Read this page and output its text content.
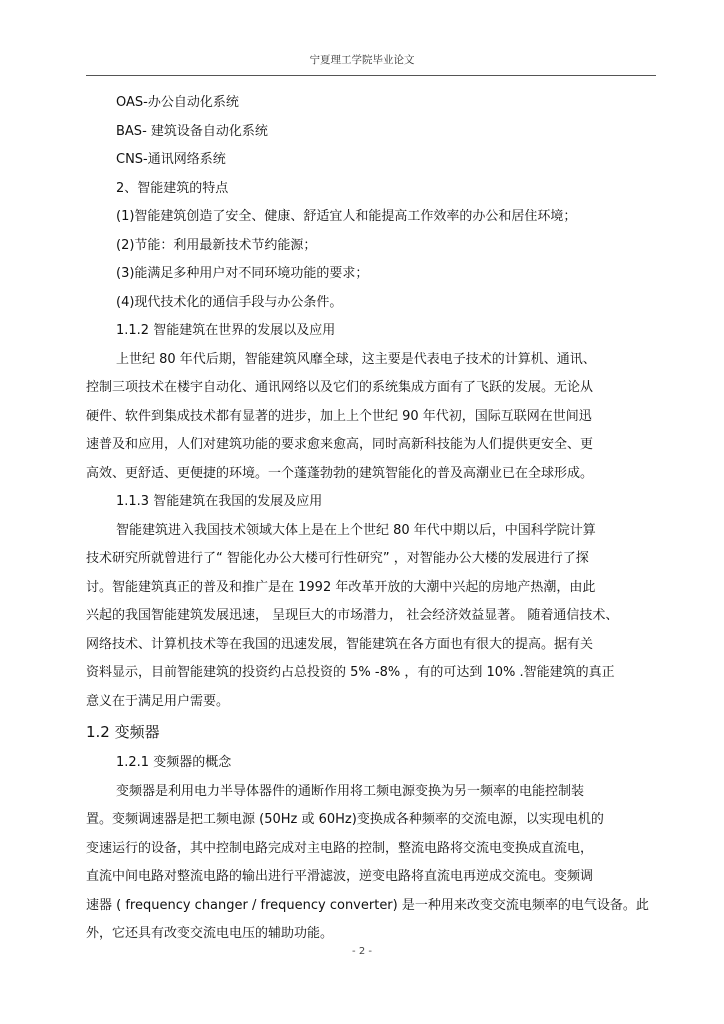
宁夏理工学院毕业论文
OAS-办公自动化系统
BAS- 建筑设备自动化系统
CNS-通讯网络系统
2、智能建筑的特点
(1)智能建筑创造了安全、健康、舒适宜人和能提高工作效率的办公和居住环境；
(2)节能：利用最新技术节约能源；
(3)能满足多种用户对不同环境功能的要求；
(4)现代技术化的通信手段与办公条件。
1.1.2 智能建筑在世界的发展以及应用
上世纪 80 年代后期，智能建筑风靡全球，这主要是代表电子技术的计算机、通讯、
控制三项技术在楼宇自动化、通讯网络以及它们的系统集成方面有了飞跃的发展。无论从
硬件、软件到集成技术都有显著的进步，加上上个世纪 90 年代初，国际互联网在世间迅
速普及和应用，人们对建筑功能的要求愈来愈高，同时高新科技能为人们提供更安全、更
高效、更舒适、更便捷的环境。一个蓬蓬勃勃的建筑智能化的普及高潮业已在全球形成。
1.1.3 智能建筑在我国的发展及应用
智能建筑进入我国技术领域大体上是在上个世纪 80 年代中期以后，中国科学院计算
技术研究所就曾进行了“ 智能化办公大楼可行性研究” ，对智能办公大楼的发展进行了探
讨。智能建筑真正的普及和推广是在 1992 年改革开放的大潮中兴起的房地产热潮，由此
兴起的我国智能建筑发展迅速， 呈现巨大的市场潜力， 社会经济效益显著。 随着通信技术、
网络技术、计算机技术等在我国的迅速发展，智能建筑在各方面也有很大的提高。据有关
资料显示，目前智能建筑的投资约占总投资的 5% -8% ，有的可达到 10% .智能建筑的真正
意义在于满足用户需要。
1.2 变频器
1.2.1 变频器的概念
变频器是利用电力半导体器件的通断作用将工频电源变换为另一频率的电能控制装
置。变频调速器是把工频电源 (50Hz 或 60Hz)变换成各种频率的交流电源，以实现电机的
变速运行的设备，其中控制电路完成对主电路的控制，整流电路将交流电变换成直流电，
直流中间电路对整流电路的输出进行平滑滤波，逆变电路将直流电再逆成交流电。变频调
速器 ( frequency changer / frequency converter) 是一种用来改变交流电频率的电气设备。此
外，它还具有改变交流电电压的辅助功能。
- 2 -
